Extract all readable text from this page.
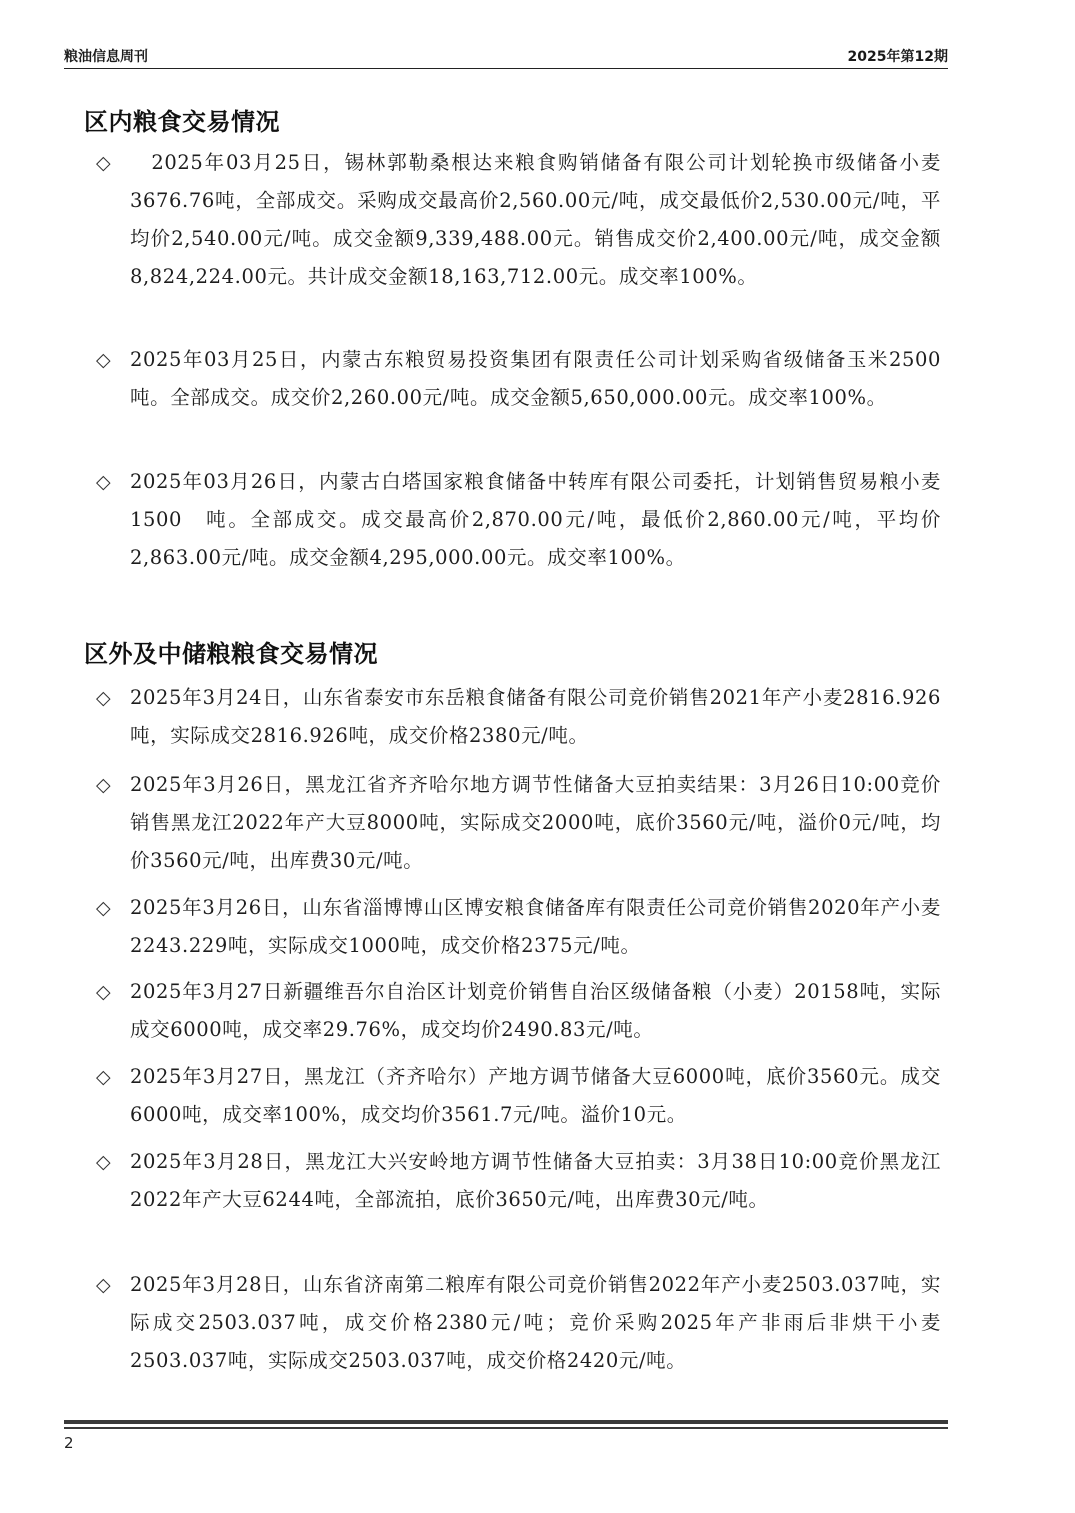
粮油信息周刊	2025年第12期
区内粮食交易情况
◇ 　2025年03月25日，锡林郭勒桑根达来粮食购销储备有限公司计划轮换市级储备小麦3676.76吨，全部成交。采购成交最高价2,560.00元/吨，成交最低价2,530.00元/吨，平均价2,540.00元/吨。成交金额9,339,488.00元。销售成交价2,400.00元/吨，成交金额8,824,224.00元。共计成交金额18,163,712.00元。成交率100%。
◇ 2025年03月25日，内蒙古东粮贸易投资集团有限责任公司计划采购省级储备玉米2500　吨。全部成交。成交价2,260.00元/吨。成交金额5,650,000.00元。成交率100%。
◇ 2025年03月26日，内蒙古白塔国家粮食储备中转库有限公司委托，计划销售贸易粮小麦1500　吨。全部成交。成交最高价2,870.00元/吨，最低价2,860.00元/吨，平均价2,863.00元/吨。成交金额4,295,000.00元。成交率100%。
区外及中储粮粮食交易情况
◇ 2025年3月24日，山东省泰安市东岳粮食储备有限公司竞价销售2021年产小麦2816.926吨，实际成交2816.926吨，成交价格2380元/吨。
◇ 2025年3月26日，黑龙江省齐齐哈尔地方调节性储备大豆拍卖结果：3月26日10:00竞价销售黑龙江2022年产大豆8000吨，实际成交2000吨，底价3560元/吨，溢价0元/吨，均价3560元/吨，出库费30元/吨。
◇ 2025年3月26日，山东省淄博博山区博安粮食储备库有限责任公司竞价销售2020年产小麦2243.229吨，实际成交1000吨，成交价格2375元/吨。
◇ 2025年3月27日新疆维吾尔自治区计划竞价销售自治区级储备粮（小麦）20158吨，实际成交6000吨，成交率29.76%，成交均价2490.83元/吨。
◇ 2025年3月27日，黑龙江（齐齐哈尔）产地方调节储备大豆6000吨，底价3560元。成交6000吨，成交率100%，成交均价3561.7元/吨。溢价10元。
◇ 2025年3月28日，黑龙江大兴安岭地方调节性储备大豆拍卖：3月38日10:00竞价黑龙江2022年产大豆6244吨，全部流拍，底价3650元/吨，出库费30元/吨。
◇ 2025年3月28日，山东省济南第二粮库有限公司竞价销售2022年产小麦2503.037吨，实际成交2503.037吨，成交价格2380元/吨；竞价采购2025年产非雨后非烘干小麦2503.037吨，实际成交2503.037吨，成交价格2420元/吨。
2
